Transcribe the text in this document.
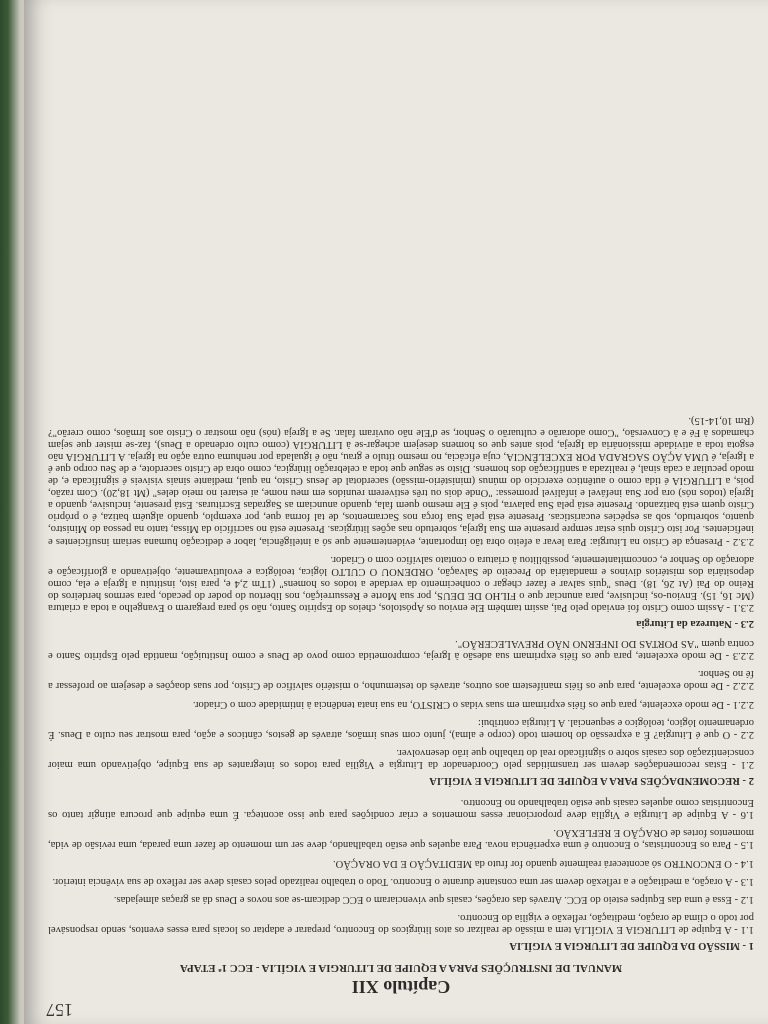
157
Capítulo XII
MANUAL DE INSTRUÇÕES PARA A EQUIPE DE LITURGIA E VIGÍLIA - ECC 1ª ETAPA
1 - MISSÃO DA EQUIPE DE LITURGIA E VIGÍLIA
1.1 - A Equipe de LITURGIA E VIGÍLIA tem a missão de realizar os atos litúrgicos do Encontro, preparar e adaptar os locais para esses eventos, sendo responsável por todo o clima de oração, meditação, reflexão e vigília do Encontro.
1.2 - Essa é uma das Equipes esteio do ECC. Através das orações, casais que vivenciaram o ECC dedicam-se aos novos e Deus dá as graças almejadas.
1.3 - A oração, a meditação e a reflexão devem ser uma constante durante o Encontro. Todo o trabalho realizado pelos casais deve ser reflexo de sua vivência interior.
1.4 - O ENCONTRO só acontecerá realmente quando for fruto da MEDITAÇÃO E DA ORAÇÃO.
1.5 - Para os Encontristas, o Encontro é uma experiência nova. Para aqueles que estão trabalhando, deve ser um momento de fazer uma parada, uma revisão de vida, momentos fortes de ORAÇÃO E REFLEXÃO.
1.6 - A Equipe de Liturgia e Vigília deve proporcionar esses momentos e criar condições para que isso aconteça. É uma equipe que procura atingir tanto os Encontristas como aqueles casais que estão trabalhando no Encontro.
2 - RECOMENDAÇÕES PARA A EQUIPE DE LITURGIA E VIGÍLIA
2.1 - Estas recomendações devem ser transmitidas pelo Coordenador da Liturgia e Vigília para todos os integrantes de sua Equipe, objetivando uma maior conscientização dos casais sobre o significado real do trabalho que irão desenvolver.
2.2 - O que é Liturgia? É a expressão do homem todo (corpo e alma), junto com seus irmãos, através de gestos, cânticos e ação, para mostrar seu culto a Deus. É ordenamento lógico, teológico e sequencial. A Liturgia contribui:
2.2.1 - De modo excelente, para que os fiéis exprimam em suas vidas o CRISTO, na sua inata tendência à intimidade com o Criador.
2.2.2 - De modo excelente, para que os fiéis manifestem aos outros, através do testemunho, o mistério salvífico de Cristo, por suas doações e desejem ao professar a fé no Senhor.
2.2.3 - De modo excelente, para que os fiéis exprimam sua adesão à Igreja, comprometida como povo de Deus e como Instituição, mantida pelo Espírito Santo e contra quem "AS PORTAS DO INFERNO NÃO PREVALECERÃO".
2.3 - Natureza da Liturgia
2.3.1 - Assim como Cristo foi enviado pelo Pai, assim também Ele enviou os Apóstolos, cheios do Espírito Santo, não só para pregarem o Evangelho a toda a criatura (Mc 16, 15). Enviou-os, inclusive, para anunciar que o FILHO DE DEUS, por sua Morte e Ressurreição, nos libertou do poder do pecado, para sermos herdeiros do Reino do Pai (At 26, 18). Deus "quis salvar e fazer chegar o conhecimento da verdade a todos os homens" (1Tm 2,4 e, para isto, instituiu a Igreja e ela, como depositária dos mistérios divinos e mandatária do Preceito de Salvação, ORDENOU O CULTO lógica, teológica e evolutivamente, objetivando a glorificação e adoração do Senhor e, concomitantemente, possibilitou à criatura o contato salvífico com o Criador.
2.3.2 - Presença de Cristo na Liturgia: Para levar a efeito obra tão importante, evidentemente que só a inteligência, labor e dedicação humana seriam insuficientes e ineficientes. Por isto Cristo quis estar sempre presente em Sua Igreja, sobretudo nas ações litúrgicas. Presente está no sacrifício da Missa, tanto na pessoa do Ministro, quanto, sobretudo, sob as espécies eucarísticas. Presente está pela Sua força nos Sacramentos, de tal forma que, por exemplo, quando alguém batiza, é o próprio Cristo quem está batizando. Presente está pela Sua palavra, pois é Ele mesmo quem fala, quando anunciam as Sagradas Escrituras. Está presente, inclusive, quando a Igreja (todos nós) ora por Sua inefável e infalível promessa: "Onde dois ou três estiverem reunidos em meu nome, aí estarei no meio deles" (Mt 18,20). Com razão, pois, a LITURGIA é tida como o autêntico exercício do múnus (ministério-missão) sacerdotal de Jesus Cristo, na qual, mediante sinais visíveis é significada e, de modo peculiar a cada sinal, é realizada a santificação dos homens. Disto se segue que toda a celebração litúrgica, como obra de Cristo sacerdote, e de Seu corpo que é a Igreja, é UMA AÇÃO SAGRADA POR EXCELÊNCIA, cuja eficácia, no mesmo título e grau, não é igualada por nenhuma outra ação na Igreja. A LITURGIA não esgota toda a atividade missionária da Igreja, pois antes que os homens desejem achegar-se à LITURGIA (como culto ordenado a Deus), faz-se mister que sejam chamados à Fé e à Conversão, "Como adorarão e cultuarão o Senhor, se d'Ele não ouviram falar. Se a Igreja (nós) não mostrar o Cristo aos Irmãos, como crerão"? (Rm 10,14-15).
